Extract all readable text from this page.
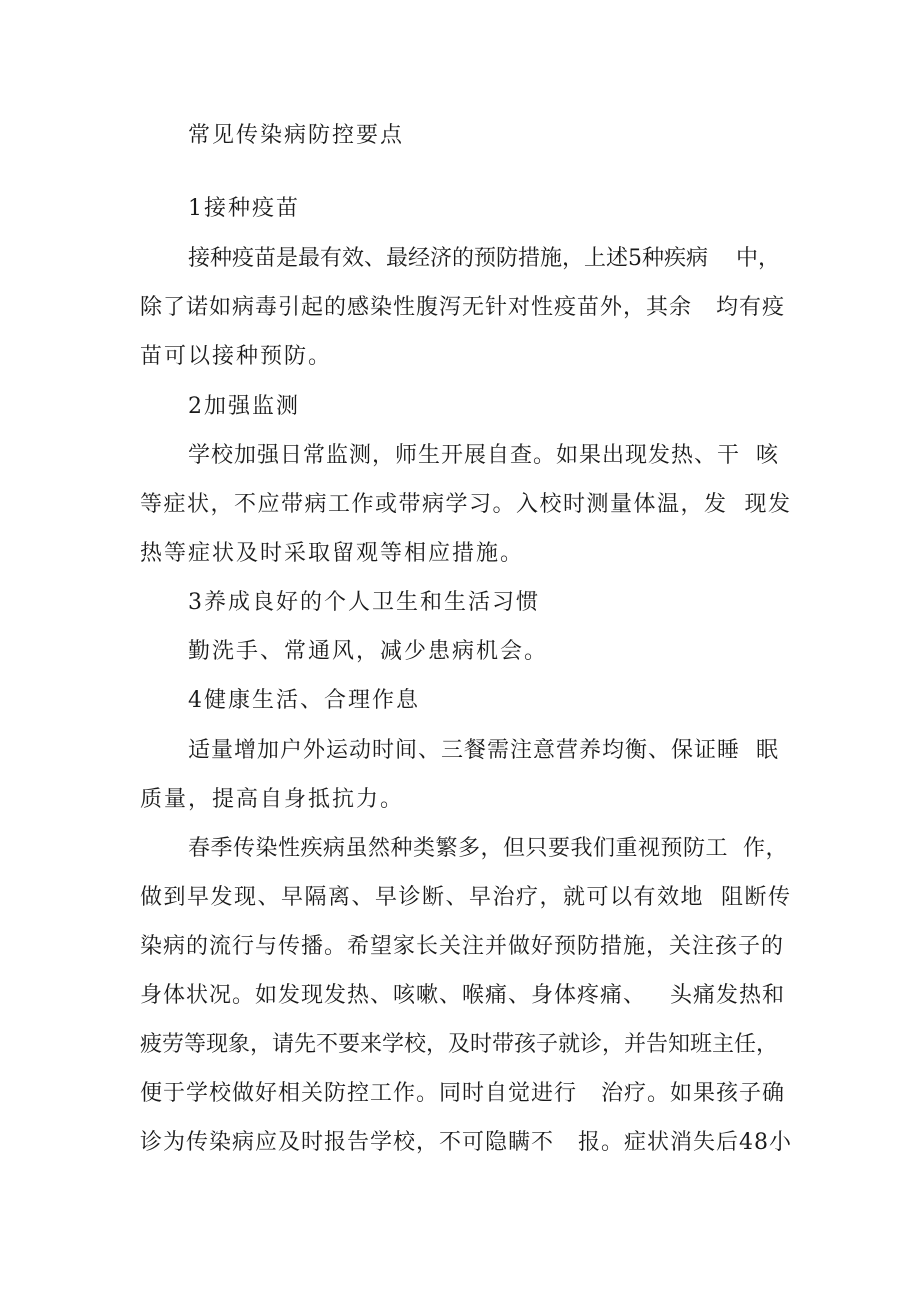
常见传染病防控要点

1接种疫苗

接种疫苗是最有效、最经济的预防措施，上述5种疾病    中，

除了诺如病毒引起的感染性腹泻无针对性疫苗外，其余   均有疫

苗可以接种预防。

2加强监测

学校加强日常监测，师生开展自查。如果出现发热、干  咳

等症状，不应带病工作或带病学习。入校时测量体温，发  现发

热等症状及时采取留观等相应措施。

3养成良好的个人卫生和生活习惯

勤洗手、常通风，减少患病机会。

4健康生活、合理作息

适量增加户外运动时间、三餐需注意营养均衡、保证睡  眠

质量，提高自身抵抗力。

春季传染性疾病虽然种类繁多，但只要我们重视预防工  作，

做到早发现、早隔离、早诊断、早治疗，就可以有效地  阻断传

染病的流行与传播。希望家长关注并做好预防措施，关注孩子的

身体状况。如发现发热、咳嗽、喉痛、身体疼痛、   头痛发热和

疲劳等现象，请先不要来学校，及时带孩子就诊，并告知班主任，

便于学校做好相关防控工作。同时自觉进行   治疗。如果孩子确

诊为传染病应及时报告学校，不可隐瞒不   报。症状消失后48小
